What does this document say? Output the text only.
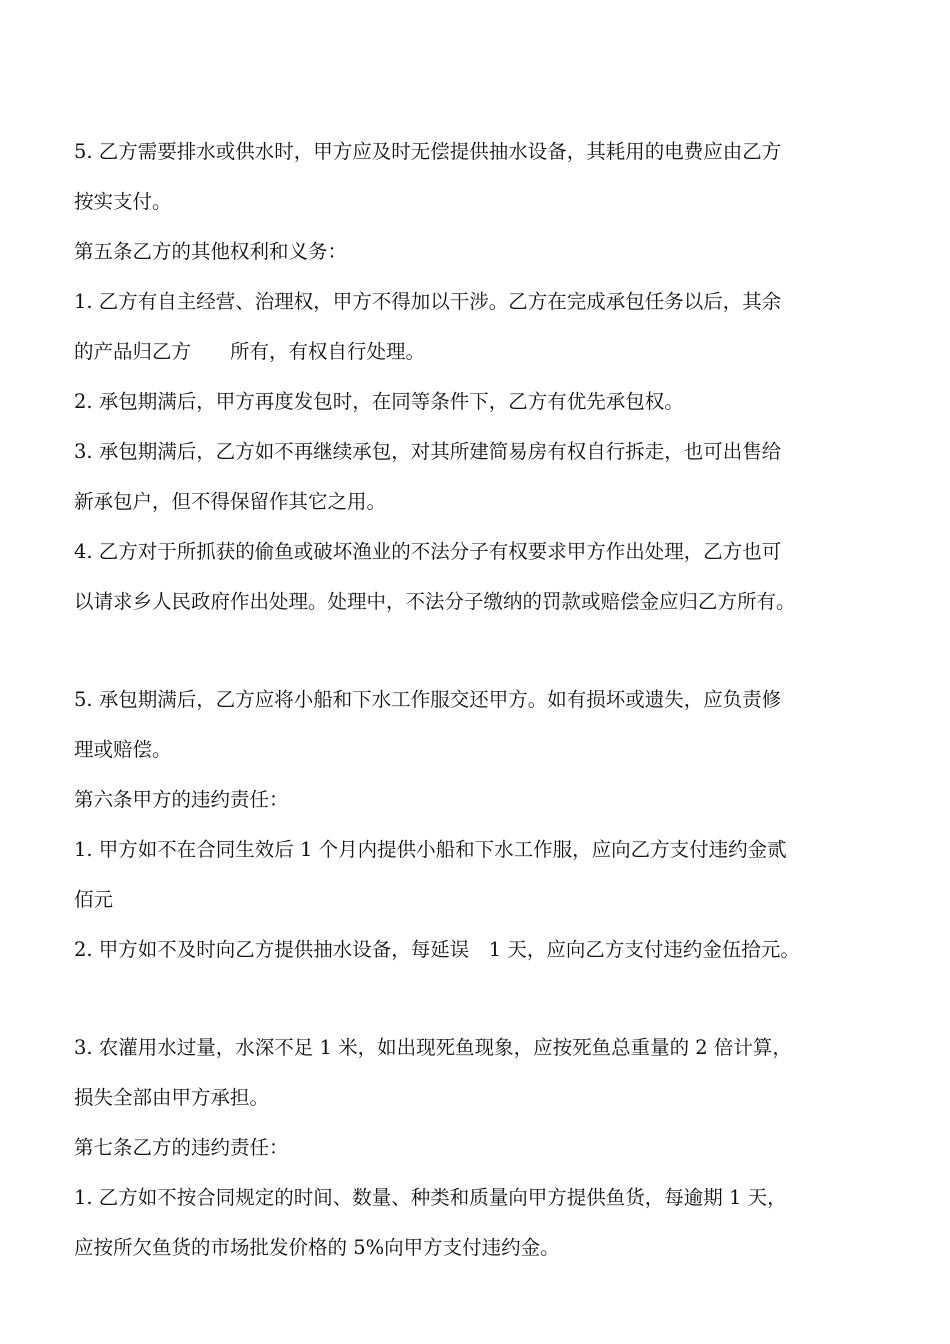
5. 乙方需要排水或供水时，甲方应及时无偿提供抽水设备，其耗用的电费应由乙方

按实支付。

第五条乙方的其他权利和义务：

1. 乙方有自主经营、治理权，甲方不得加以干涉。乙方在完成承包任务以后，其余

的产品归乙方　　所有，有权自行处理。

2. 承包期满后，甲方再度发包时，在同等条件下，乙方有优先承包权。

3. 承包期满后，乙方如不再继续承包，对其所建简易房有权自行拆走，也可出售给

新承包户，但不得保留作其它之用。

4. 乙方对于所抓获的偷鱼或破坏渔业的不法分子有权要求甲方作出处理，乙方也可

以请求乡人民政府作出处理。处理中，不法分子缴纳的罚款或赔偿金应归乙方所有。

5. 承包期满后，乙方应将小船和下水工作服交还甲方。如有损坏或遗失，应负责修

理或赔偿。

第六条甲方的违约责任：

1. 甲方如不在合同生效后 1 个月内提供小船和下水工作服，应向乙方支付违约金贰

佰元

2. 甲方如不及时向乙方提供抽水设备，每延误　1 天，应向乙方支付违约金伍拾元。

3. 农灌用水过量，水深不足 1 米，如出现死鱼现象，应按死鱼总重量的 2 倍计算，

损失全部由甲方承担。

第七条乙方的违约责任：

1. 乙方如不按合同规定的时间、数量、种类和质量向甲方提供鱼货，每逾期 1 天，

应按所欠鱼货的市场批发价格的 5%向甲方支付违约金。
